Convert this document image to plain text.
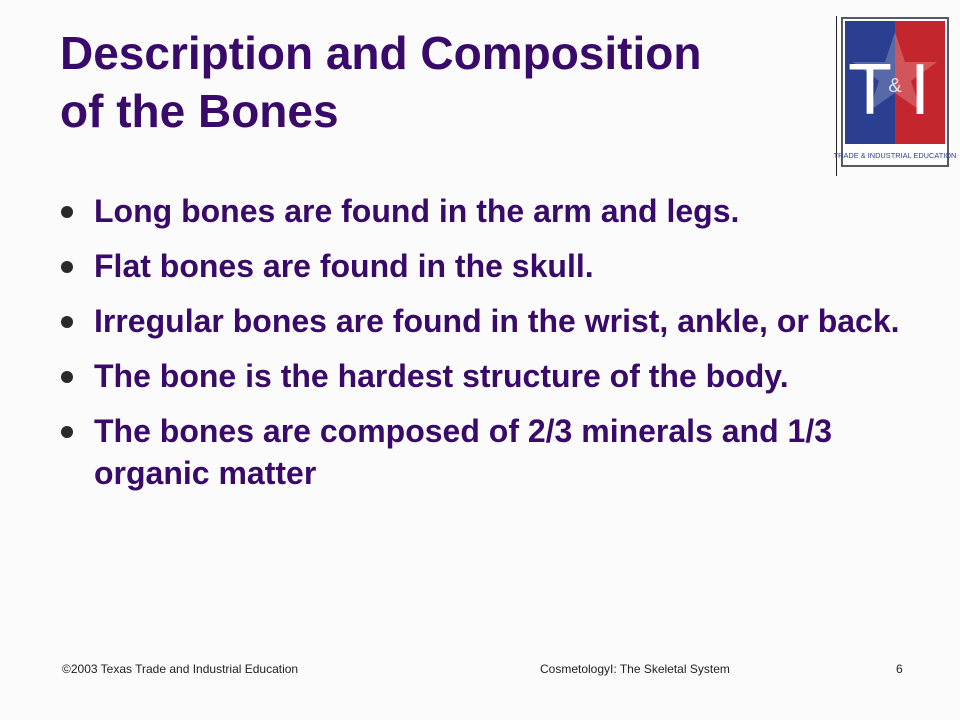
Description and Composition
of the Bones	T I
&
TRADE & INDUSTRIAL EDUCATION
Long bones are found in the arm and legs.
Flat bones are found in the skull.
Irregular bones are found in the wrist, ankle, or back.
The bone is the hardest structure of the body.
The bones are composed of 2/3 minerals and 1/3 organic matter
©2003 Texas Trade and Industrial Education	CosmetologyI: The Skeletal System	6
